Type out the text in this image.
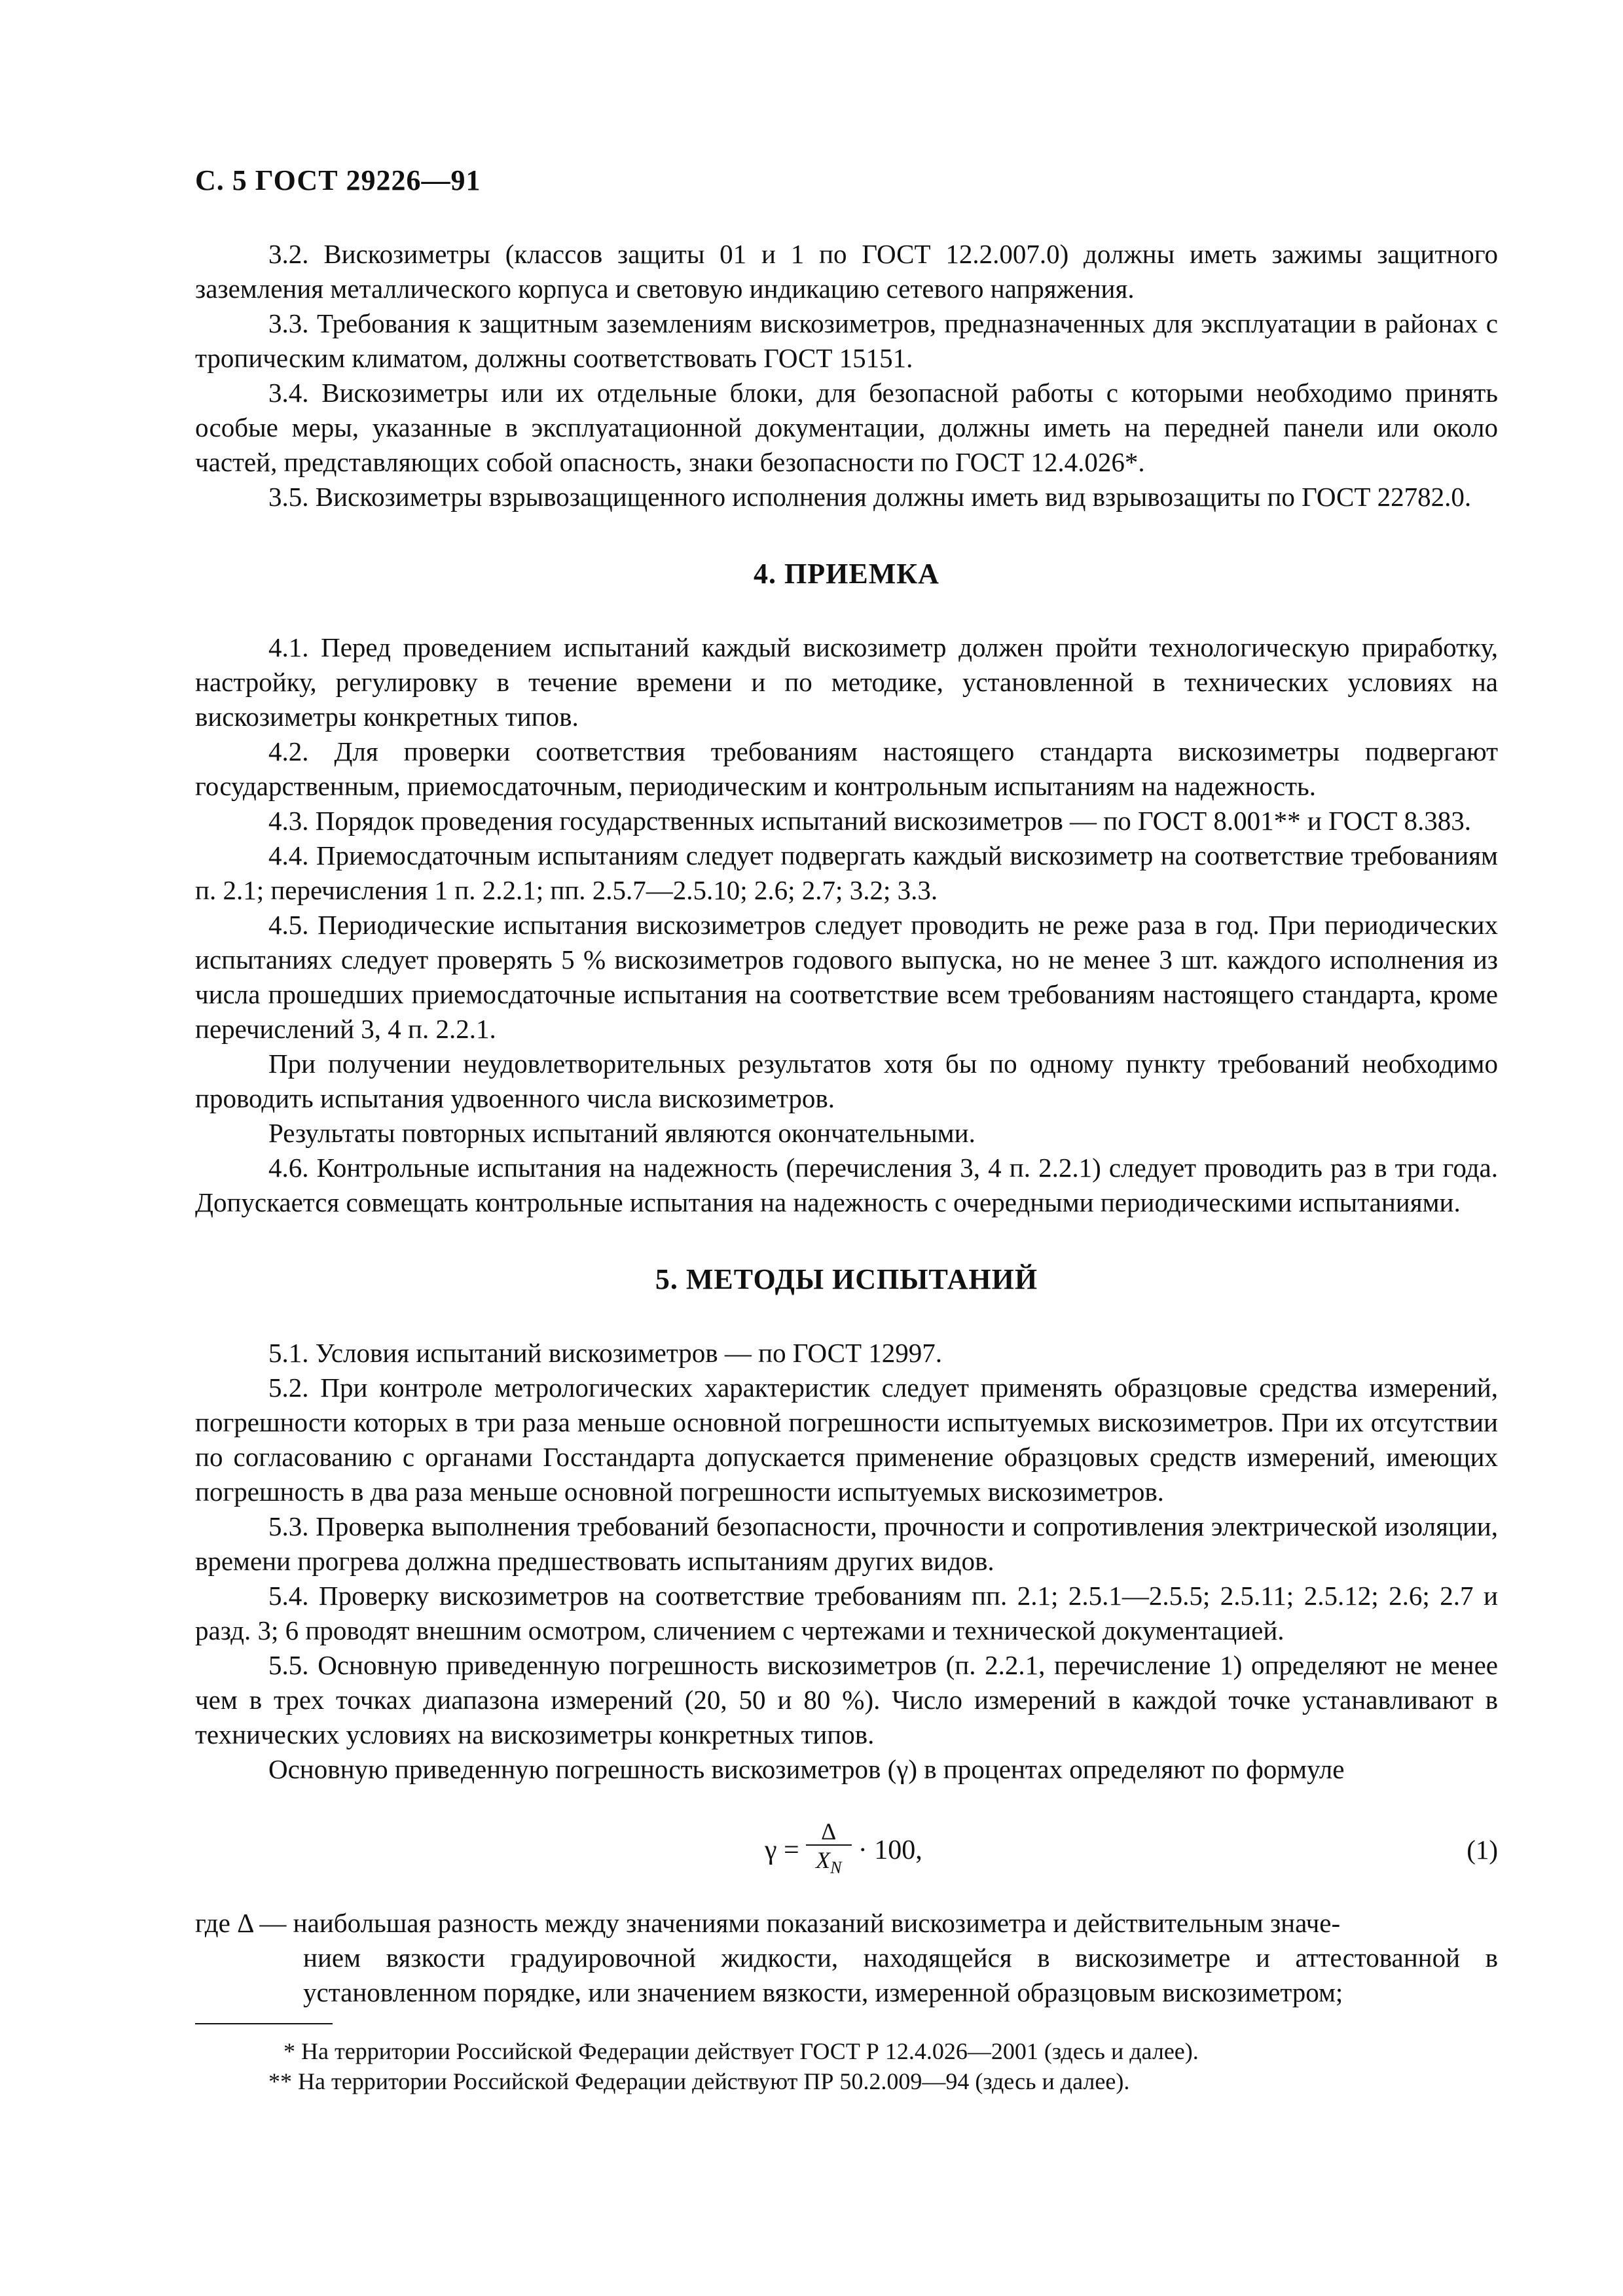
С. 5 ГОСТ 29226—91

3.2. Вискозиметры (классов защиты 01 и 1 по ГОСТ 12.2.007.0) должны иметь зажимы защитного заземления металлического корпуса и световую индикацию сетевого напряжения.

3.3. Требования к защитным заземлениям вискозиметров, предназначенных для эксплуатации в районах с тропическим климатом, должны соответствовать ГОСТ 15151.

3.4. Вискозиметры или их отдельные блоки, для безопасной работы с которыми необходимо принять особые меры, указанные в эксплуатационной документации, должны иметь на передней панели или около частей, представляющих собой опасность, знаки безопасности по ГОСТ 12.4.026*.

3.5. Вискозиметры взрывозащищенного исполнения должны иметь вид взрывозащиты по ГОСТ 22782.0.

4. ПРИЕМКА

4.1. Перед проведением испытаний каждый вискозиметр должен пройти технологическую приработку, настройку, регулировку в течение времени и по методике, установленной в технических условиях на вискозиметры конкретных типов.

4.2. Для проверки соответствия требованиям настоящего стандарта вискозиметры подвергают государственным, приемосдаточным, периодическим и контрольным испытаниям на надежность.

4.3. Порядок проведения государственных испытаний вискозиметров — по ГОСТ 8.001** и ГОСТ 8.383.

4.4. Приемосдаточным испытаниям следует подвергать каждый вискозиметр на соответствие требованиям п. 2.1; перечисления 1 п. 2.2.1; пп. 2.5.7—2.5.10; 2.6; 2.7; 3.2; 3.3.

4.5. Периодические испытания вискозиметров следует проводить не реже раза в год. При периодических испытаниях следует проверять 5 % вискозиметров годового выпуска, но не менее 3 шт. каждого исполнения из числа прошедших приемосдаточные испытания на соответствие всем требованиям настоящего стандарта, кроме перечислений 3, 4 п. 2.2.1.

При получении неудовлетворительных результатов хотя бы по одному пункту требований необходимо проводить испытания удвоенного числа вискозиметров.

Результаты повторных испытаний являются окончательными.

4.6. Контрольные испытания на надежность (перечисления 3, 4 п. 2.2.1) следует проводить раз в три года. Допускается совмещать контрольные испытания на надежность с очередными периодическими испытаниями.

5. МЕТОДЫ ИСПЫТАНИЙ

5.1. Условия испытаний вискозиметров — по ГОСТ 12997.

5.2. При контроле метрологических характеристик следует применять образцовые средства измерений, погрешности которых в три раза меньше основной погрешности испытуемых вискозиметров. При их отсутствии по согласованию с органами Госстандарта допускается применение образцовых средств измерений, имеющих погрешность в два раза меньше основной погрешности испытуемых вискозиметров.

5.3. Проверка выполнения требований безопасности, прочности и сопротивления электрической изоляции, времени прогрева должна предшествовать испытаниям других видов.

5.4. Проверку вискозиметров на соответствие требованиям пп. 2.1; 2.5.1—2.5.5; 2.5.11; 2.5.12; 2.6; 2.7 и разд. 3; 6 проводят внешним осмотром, сличением с чертежами и технической документацией.

5.5. Основную приведенную погрешность вискозиметров (п. 2.2.1, перечисление 1) определяют не менее чем в трех точках диапазона измерений (20, 50 и 80 %). Число измерений в каждой точке устанавливают в технических условиях на вискозиметры конкретных типов.

Основную приведенную погрешность вискозиметров (γ) в процентах определяют по формуле

$\gamma = \frac{\Delta}{X_N} \cdot 100$,	(1)
где Δ — наибольшая разность между значениями показаний вискозиметра и действительным значе-
нием вязкости градуировочной жидкости, находящейся в вискозиметре и аттестованной в установленном порядке, или значением вязкости, измеренной образцовым вискозиметром;

* На территории Российской Федерации действует ГОСТ Р 12.4.026—2001 (здесь и далее).

** На территории Российской Федерации действуют ПР 50.2.009—94 (здесь и далее).
